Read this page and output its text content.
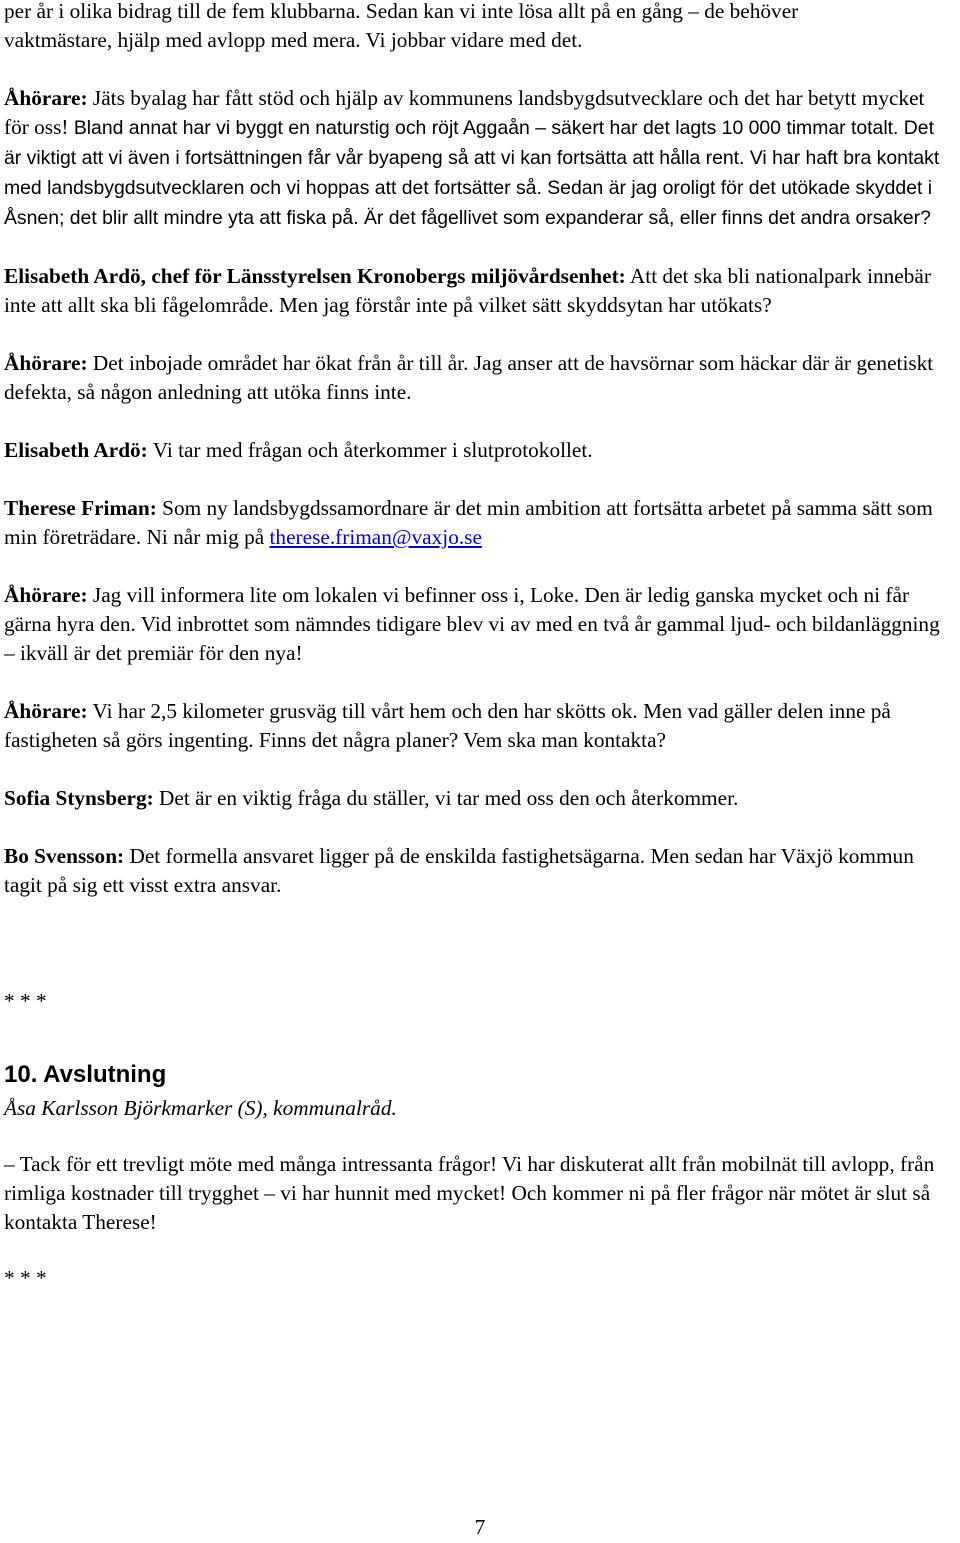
per år i olika bidrag till de fem klubbarna. Sedan kan vi inte lösa allt på en gång – de behöver
vaktmästare, hjälp med avlopp med mera. Vi jobbar vidare med det.

Åhörare: Jäts byalag har fått stöd och hjälp av kommunens landsbygdsutvecklare och det har betytt mycket för oss! Bland annat har vi byggt en naturstig och röjt Aggaån – säkert har det lagts 10 000 timmar totalt. Det är viktigt att vi även i fortsättningen får vår byapeng så att vi kan fortsätta att hålla rent. Vi har haft bra kontakt med landsbygdsutvecklaren och vi hoppas att det fortsätter så. Sedan är jag oroligt för det utökade skyddet i Åsnen; det blir allt mindre yta att fiska på. Är det fågellivet som expanderar så, eller finns det andra orsaker?

Elisabeth Ardö, chef för Länsstyrelsen Kronobergs miljövårdsenhet: Att det ska bli nationalpark innebär inte att allt ska bli fågelområde. Men jag förstår inte på vilket sätt skyddsytan har utökats?

Åhörare: Det inbojade området har ökat från år till år. Jag anser att de havsörnar som häckar där är genetiskt defekta, så någon anledning att utöka finns inte.

Elisabeth Ardö: Vi tar med frågan och återkommer i slutprotokollet.

Therese Friman: Som ny landsbygdssamordnare är det min ambition att fortsätta arbetet på samma sätt som min företrädare. Ni når mig på therese.friman@vaxjo.se

Åhörare: Jag vill informera lite om lokalen vi befinner oss i, Loke. Den är ledig ganska mycket och ni får gärna hyra den. Vid inbrottet som nämndes tidigare blev vi av med en två år gammal ljud- och bildanläggning – ikväll är det premiär för den nya!

Åhörare: Vi har 2,5 kilometer grusväg till vårt hem och den har skötts ok. Men vad gäller delen inne på fastigheten så görs ingenting. Finns det några planer? Vem ska man kontakta?

Sofia Stynsberg: Det är en viktig fråga du ställer, vi tar med oss den och återkommer.

Bo Svensson: Det formella ansvaret ligger på de enskilda fastighetsägarna. Men sedan har Växjö kommun tagit på sig ett visst extra ansvar.

* * *

10. Avslutning

Åsa Karlsson Björkmarker (S), kommunalråd.

– Tack för ett trevligt möte med många intressanta frågor! Vi har diskuterat allt från mobilnät till avlopp, från rimliga kostnader till trygghet – vi har hunnit med mycket! Och kommer ni på fler frågor när mötet är slut så kontakta Therese!

* * *

7
